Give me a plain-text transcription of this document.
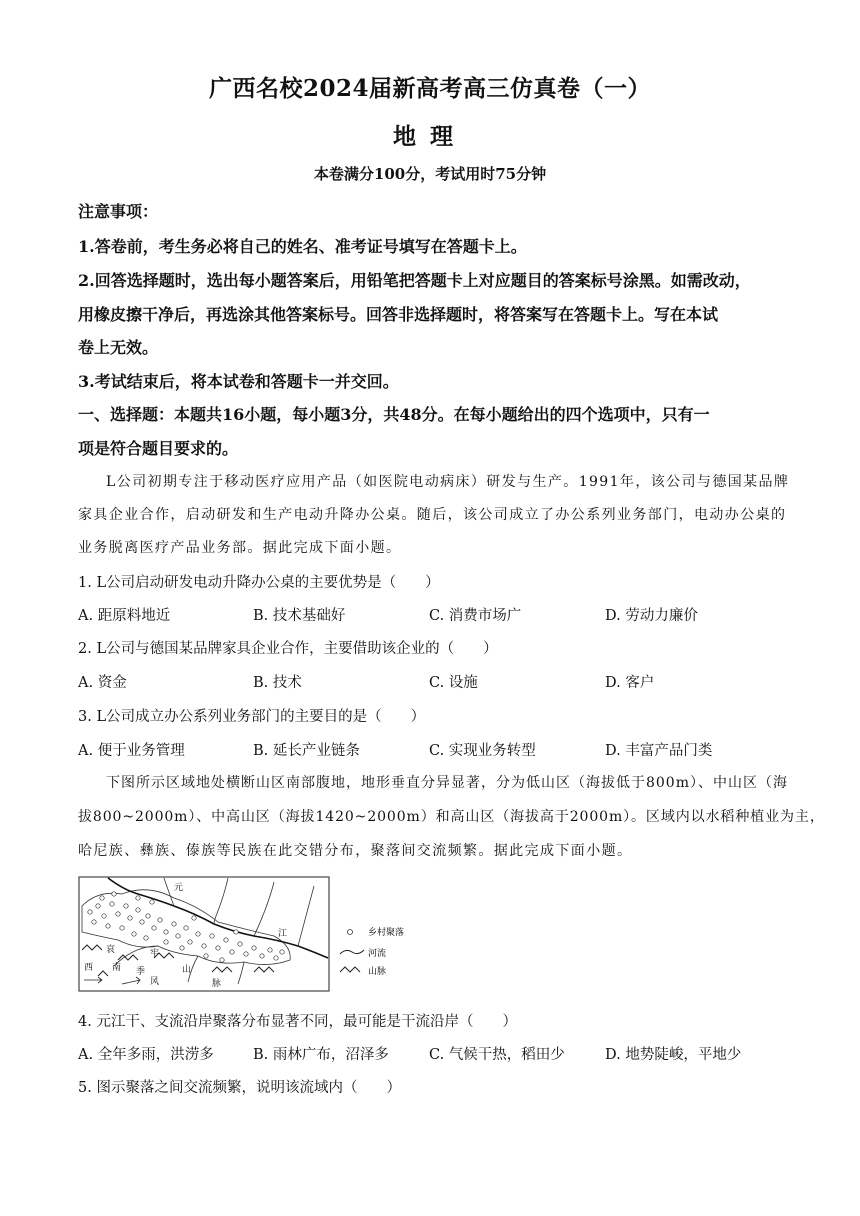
广西名校2024届新高考高三仿真卷（一）
地理
本卷满分100分，考试用时75分钟
注意事项：
1.答卷前，考生务必将自己的姓名、准考证号填写在答题卡上。
2.回答选择题时，选出每小题答案后，用铅笔把答题卡上对应题目的答案标号涂黑。如需改动，
用橡皮擦干净后，再选涂其他答案标号。回答非选择题时，将答案写在答题卡上。写在本试
卷上无效。
3.考试结束后，将本试卷和答题卡一并交回。
一、选择题：本题共16小题，每小题3分，共48分。在每小题给出的四个选项中，只有一
项是符合题目要求的。
L公司初期专注于移动医疗应用产品（如医院电动病床）研发与生产。1991年，该公司与德国某品牌
家具企业合作，启动研发和生产电动升降办公桌。随后，该公司成立了办公系列业务部门，电动办公桌的
业务脱离医疗产品业务部。据此完成下面小题。
1. L公司启动研发电动升降办公桌的主要优势是（　　）
A. 距原料地近	B. 技术基础好	C. 消费市场广	D. 劳动力廉价
2. L公司与德国某品牌家具企业合作，主要借助该企业的（　　）
A. 资金	B. 技术	C. 设施	D. 客户
3. L公司成立办公系列业务部门的主要目的是（　　）
A. 便于业务管理	B. 延长产业链条	C. 实现业务转型	D. 丰富产品门类
下图所示区域地处横断山区南部腹地，地形垂直分异显著，分为低山区（海拔低于800m）、中山区（海
拔800~2000m）、中高山区（海拔1420~2000m）和高山区（海拔高于2000m）。区域内以水稻种植业为主，
哈尼族、彝族、傣族等民族在此交错分布，聚落间交流频繁。据此完成下面小题。
元
江
哀	牢
西 南 季
风
山
脉
乡村聚落
河流
山脉
4. 元江干、支流沿岸聚落分布显著不同，最可能是干流沿岸（　　）
A. 全年多雨，洪涝多	B. 雨林广布，沼泽多	C. 气候干热，稻田少	D. 地势陡峻，平地少
5. 图示聚落之间交流频繁，说明该流域内（　　）
